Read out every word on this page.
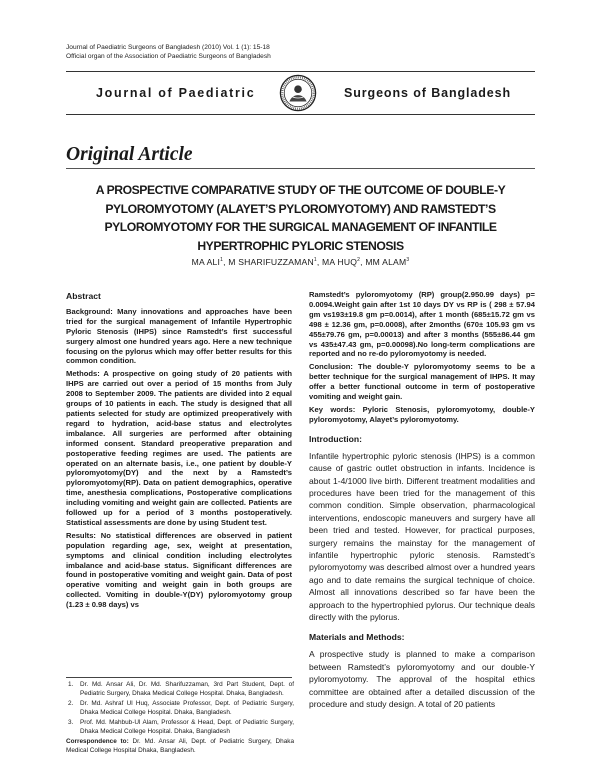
Journal of Paediatric Surgeons of Bangladesh (2010) Vol. 1 (1): 15-18
Official organ of the Association of Paediatric Surgeons of Bangladesh
Journal of Paediatric	Surgeons of Bangladesh
Original Article
A PROSPECTIVE COMPARATIVE STUDY OF THE OUTCOME OF DOUBLE-Y
PYLOROMYOTOMY (ALAYET’S PYLOROMYOTOMY) AND RAMSTEDT’S
PYLOROMYOTOMY FOR THE SURGICAL MANAGEMENT OF INFANTILE
HYPERTROPHIC PYLORIC STENOSIS
MA ALI$^1$, M SHARIFUZZAMAN$^1$, MA HUQ$^2$, MM ALAM$^3$
Abstract

Background: Many innovations and approaches have been tried for the surgical management of Infantile Hypertrophic Pyloric Stenosis (IHPS) since Ramstedt’s first successful surgery almost one hundred years ago. Here a new technique focusing on the pylorus which may offer better results for this common condition.

Methods: A prospective on going study of 20 patients with IHPS are carried out over a period of 15 months from July 2008 to September 2009. The patients are divided into 2 equal groups of 10 patients in each. The study is designed that all patients selected for study are optimized preoperatively with regard to hydration, acid-base status and electrolytes imbalance. All surgeries are performed after obtaining informed consent. Standard preoperative preparation and postoperative feeding regimes are used. The patients are operated on an alternate basis, i.e., one patient by double-Y pyloromyotomy(DY) and the next by a Ramstedt’s pyloromyotomy(RP). Data on patient demographics, operative time, anesthesia complications, Postoperative complications including vomiting and weight gain are collected. Patients are followed up for a period of 3 months postoperatively. Statistical assessments are done by using Student test.

Results: No statistical differences are observed in patient population regarding age, sex, weight at presentation, symptoms and clinical condition including electrolytes imbalance and acid-base status. Significant differences are found in postoperative vomiting and weight gain. Data of post operative vomiting and weight gain in both groups are collected. Vomiting in double-Y(DY) pyloromyotomy group (1.23 ± 0.98 days) vs

1.	Dr. Md. Ansar Ali, Dr. Md. Sharifuzzaman, 3rd Part Student, Dept. of Pediatric Surgery, Dhaka Medical College Hospital. Dhaka, Bangladesh.
2.	Dr. Md. Ashraf Ul Huq, Associate Professor, Dept. of Pediatric Surgery, Dhaka Medical College Hospital. Dhaka, Bangladesh.
3.	Prof. Md. Mahbub-Ul Alam, Professor & Head, Dept. of Pediatric Surgery, Dhaka Medical College Hospital. Dhaka, Bangladesh
Correspondence to: Dr. Md. Ansar Ali, Dept. of Pediatric Surgery, Dhaka Medical College Hospital Dhaka, Bangladesh.

Ramstedt’s pyloromyotomy (RP) group(2.950.99 days) p= 0.0094.Weight gain after 1st 10 days DY vs RP is ( 298 ± 57.94 gm vs193±19.8 gm p=0.0014), after 1 month (685±15.72 gm vs 498 ± 12.36 gm, p=0.0008), after 2months (670± 105.93 gm vs 455±79.76 gm, p=0.00013) and after 3 months (555±86.44 gm vs 435±47.43 gm, p=0.00098).No long-term complications are reported and no re-do pyloromyotomy is needed.

Conclusion: The double-Y pyloromyotomy seems to be a better technique for the surgical management of IHPS. It may offer a better functional outcome in term of postoperative vomiting and weight gain.

Key words: Pyloric Stenosis, pyloromyotomy, double-Y pyloromyotomy, Alayet’s pyloromyotomy.

Introduction:

Infantile hypertrophic pyloric stenosis (IHPS) is a common cause of gastric outlet obstruction in infants. Incidence is about 1-4/1000 live birth. Different treatment modalities and procedures have been tried for the management of this common condition. Simple observation, pharmacological interventions, endoscopic maneuvers and surgery have all been tried and tested. However, for practical purposes, surgery remains the mainstay for the management of infantile hypertrophic pyloric stenosis. Ramstedt’s pyloromyotomy was described almost over a hundred years ago and to date remains the surgical technique of choice. Almost all innovations described so far have been the approach to the hypertrophied pylorus. Our technique deals directly with the pylorus.

Materials and Methods:

A prospective study is planned to make a comparison between Ramstedt’s pyloromyotomy and our double-Y pyloromyotomy. The approval of the hospital ethics committee are obtained after a detailed discussion of the procedure and study design. A total of 20 patients
